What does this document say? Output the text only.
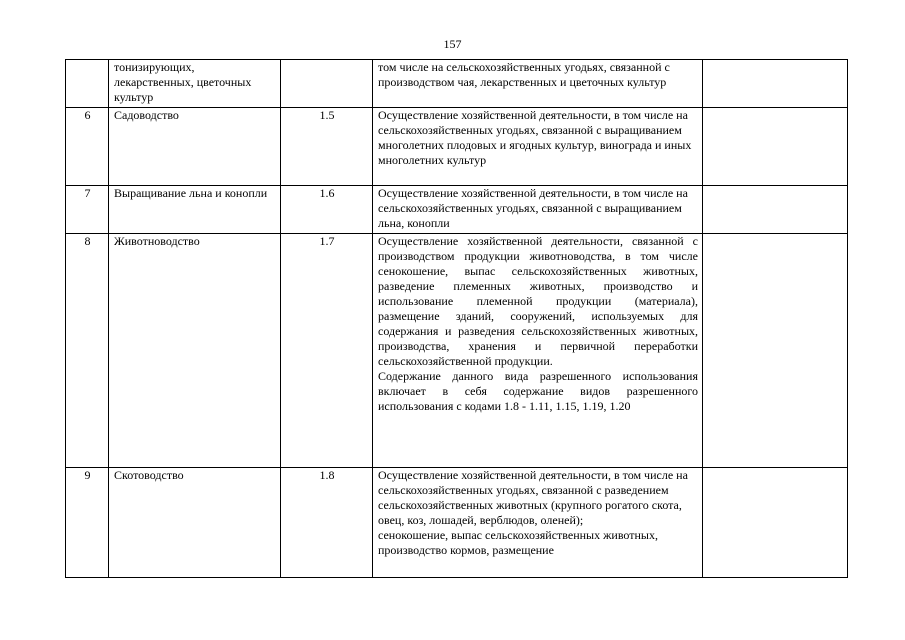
157
	тонизирующих, лекарственных, цветочных культур		том числе на сельскохозяйственных угодьях, связанной с производством чая, лекарственных и цветочных культур	

6	Садоводство	1.5	Осуществление хозяйственной деятельности, в том числе на сельскохозяйственных угодьях, связанной с выращиванием многолетних плодовых и ягодных культур, винограда и иных многолетних культур	

7	Выращивание льна и конопли	1.6	Осуществление хозяйственной деятельности, в том числе на сельскохозяйственных угодьях, связанной с выращиванием льна, конопли	

8	Животноводство	1.7	Осуществление хозяйственной деятельности, связанной с производством продукции животноводства, в том числе сенокошение, выпас сельскохозяйственных животных, разведение племенных животных, производство и использование племенной продукции (материала), размещение зданий, сооружений, используемых для содержания и разведения сельскохозяйственных животных, производства, хранения и первичной переработки сельскохозяйственной продукции.
Содержание данного вида разрешенного использования включает в себя содержание видов разрешенного использования с кодами 1.8 - 1.11, 1.15, 1.19, 1.20	

9	Скотоводство	1.8	Осуществление хозяйственной деятельности, в том числе на сельскохозяйственных угодьях, связанной с разведением сельскохозяйственных животных (крупного рогатого скота, овец, коз, лошадей, верблюдов, оленей);
сенокошение, выпас сельскохозяйственных животных, производство кормов, размещение	
